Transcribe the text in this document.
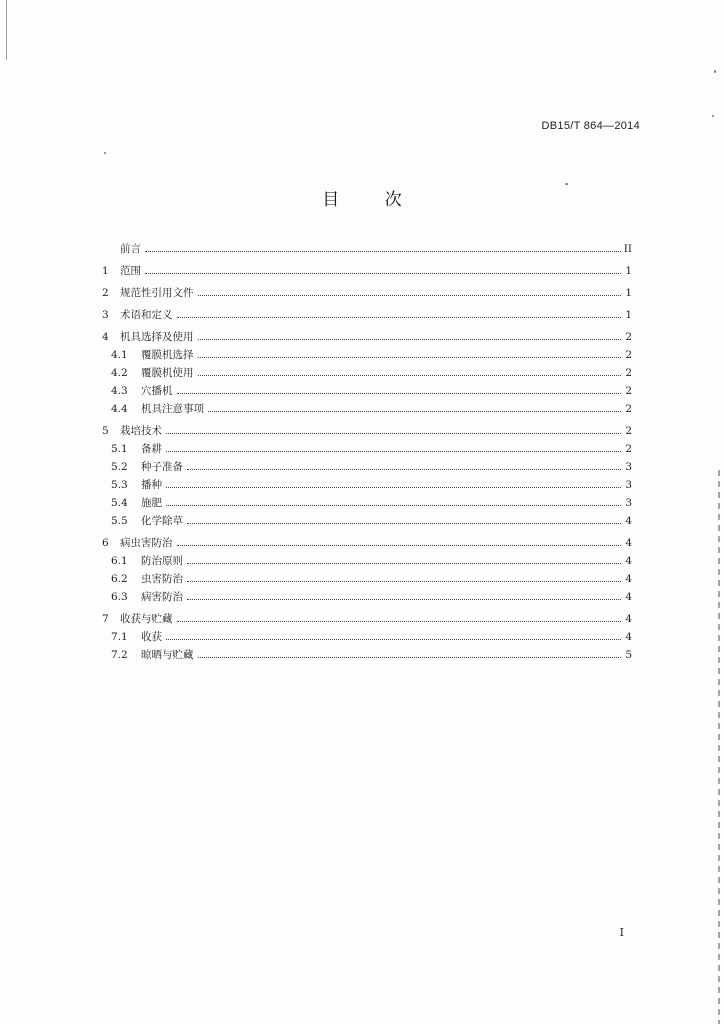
DB15/T 864—2014
目 次
前言	II
1	范围	1
2	规范性引用文件	1
3	术语和定义	1
4	机具选择及使用	2
4.1	覆膜机选择	2
4.2	覆膜机使用	2
4.3	穴播机	2
4.4	机具注意事项	2
5	栽培技术	2
5.1	备耕	2
5.2	种子准备	3
5.3	播种	3
5.4	施肥	3
5.5	化学除草	4
6	病虫害防治	4
6.1	防治原则	4
6.2	虫害防治	4
6.3	病害防治	4
7	收获与贮藏	4
7.1	收获	4
7.2	晾晒与贮藏	5
I
